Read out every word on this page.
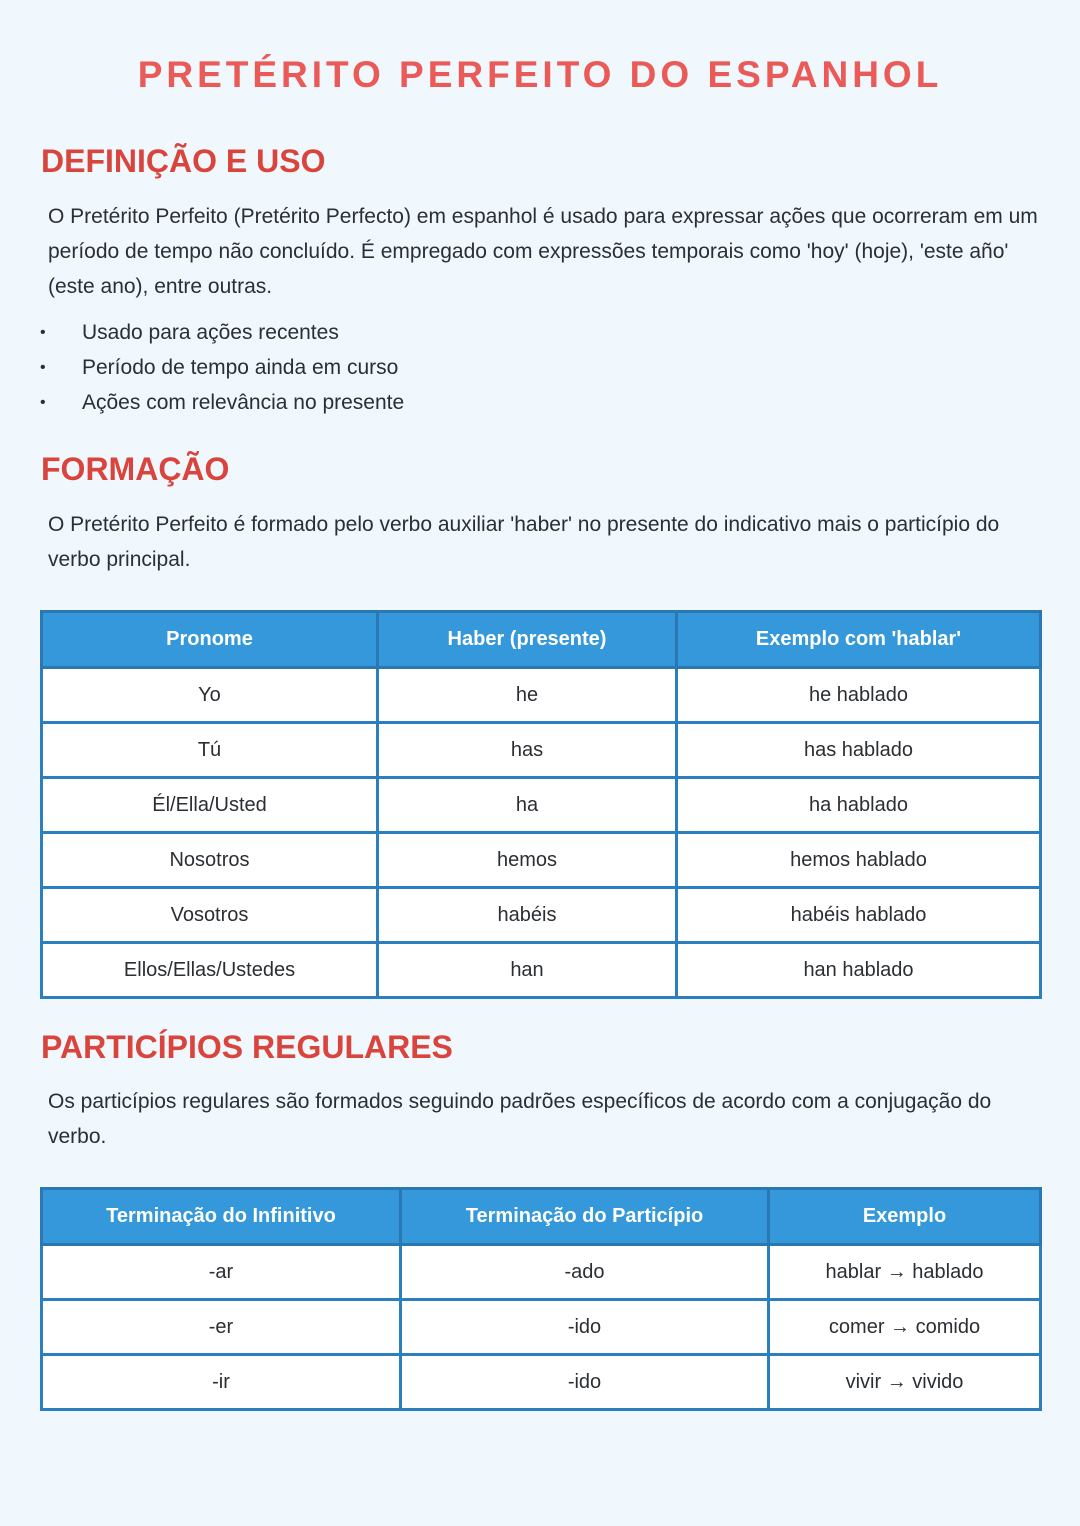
PRETÉRITO PERFEITO DO ESPANHOL
DEFINIÇÃO E USO

O Pretérito Perfeito (Pretérito Perfecto) em espanhol é usado para expressar ações que ocorreram em um período de tempo não concluído. É empregado com expressões temporais como 'hoy' (hoje), 'este año' (este ano), entre outras.

• Usado para ações recentes
• Período de tempo ainda em curso
• Ações com relevância no presente
FORMAÇÃO

O Pretérito Perfeito é formado pelo verbo auxiliar 'haber' no presente do indicativo mais o particípio do verbo principal.

Pronome	Haber (presente)	Exemplo com 'hablar'
Yo	he	he hablado
Tú	has	has hablado
Él/Ella/Usted	ha	ha hablado
Nosotros	hemos	hemos hablado
Vosotros	habéis	habéis hablado
Ellos/Ellas/Ustedes	han	han hablado
PARTICÍPIOS REGULARES

Os particípios regulares são formados seguindo padrões específicos de acordo com a conjugação do verbo.

Terminação do Infinitivo	Terminação do Particípio	Exemplo
-ar	-ado	hablar → hablado
-er	-ido	comer → comido
-ir	-ido	vivir → vivido
